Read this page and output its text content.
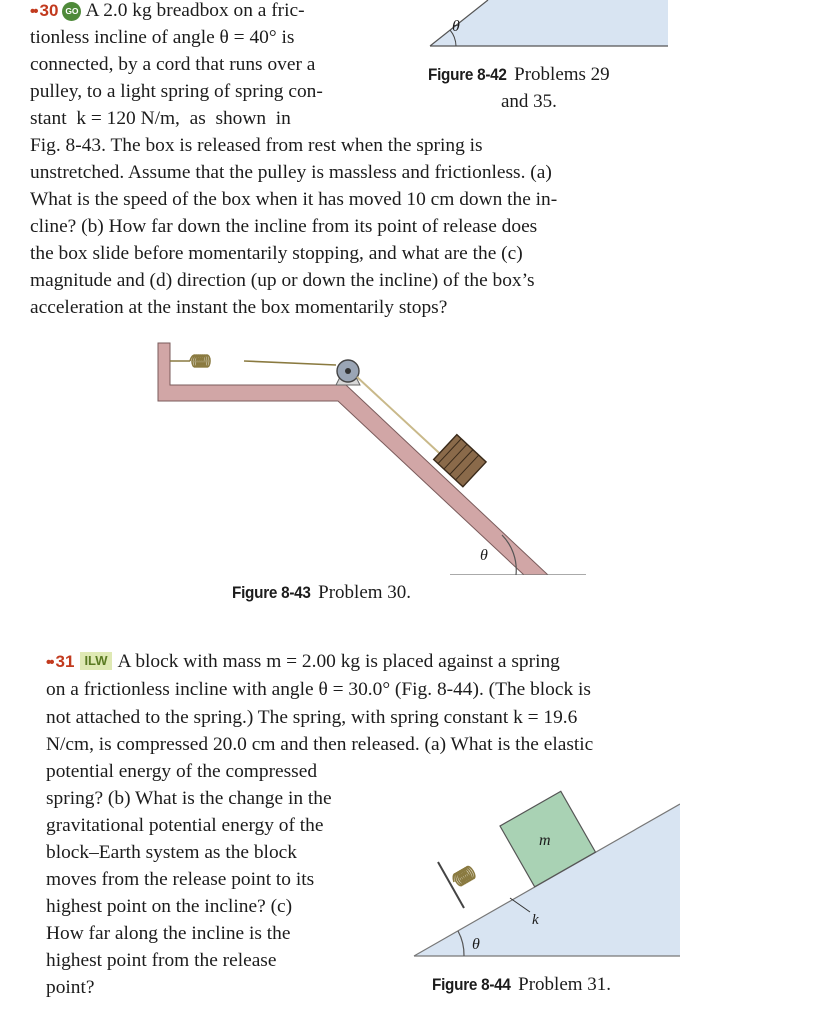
θ
Figure 8-42 Problems 29
and 35.
•• 30 GO A 2.0 kg breadbox on a fric-
tionless incline of angle θ = 40° is
connected, by a cord that runs over a
pulley, to a light spring of spring con-
stant  k = 120 N/m,  as  shown  in
Fig. 8-43. The box is released from rest when the spring is
unstretched. Assume that the pulley is massless and frictionless. (a)
What is the speed of the box when it has moved 10 cm down the in-
cline? (b) How far down the incline from its point of release does
the box slide before momentarily stopping, and what are the (c)
magnitude and (d) direction (up or down the incline) of the box’s
acceleration at the instant the box momentarily stops?
θ
Figure 8-43 Problem 30.
•• 31 ILW A block with mass m = 2.00 kg is placed against a spring
on a frictionless incline with angle θ = 30.0° (Fig. 8-44). (The block is
not attached to the spring.) The spring, with spring constant k = 19.6
N/cm, is compressed 20.0 cm and then released. (a) What is the elastic
potential energy of the compressed
spring? (b) What is the change in the
gravitational potential energy of the
block–Earth system as the block
moves from the release point to its
highest point on the incline? (c)
How far along the incline is the
highest point from the release
point?
m
k
θ
Figure 8-44 Problem 31.
